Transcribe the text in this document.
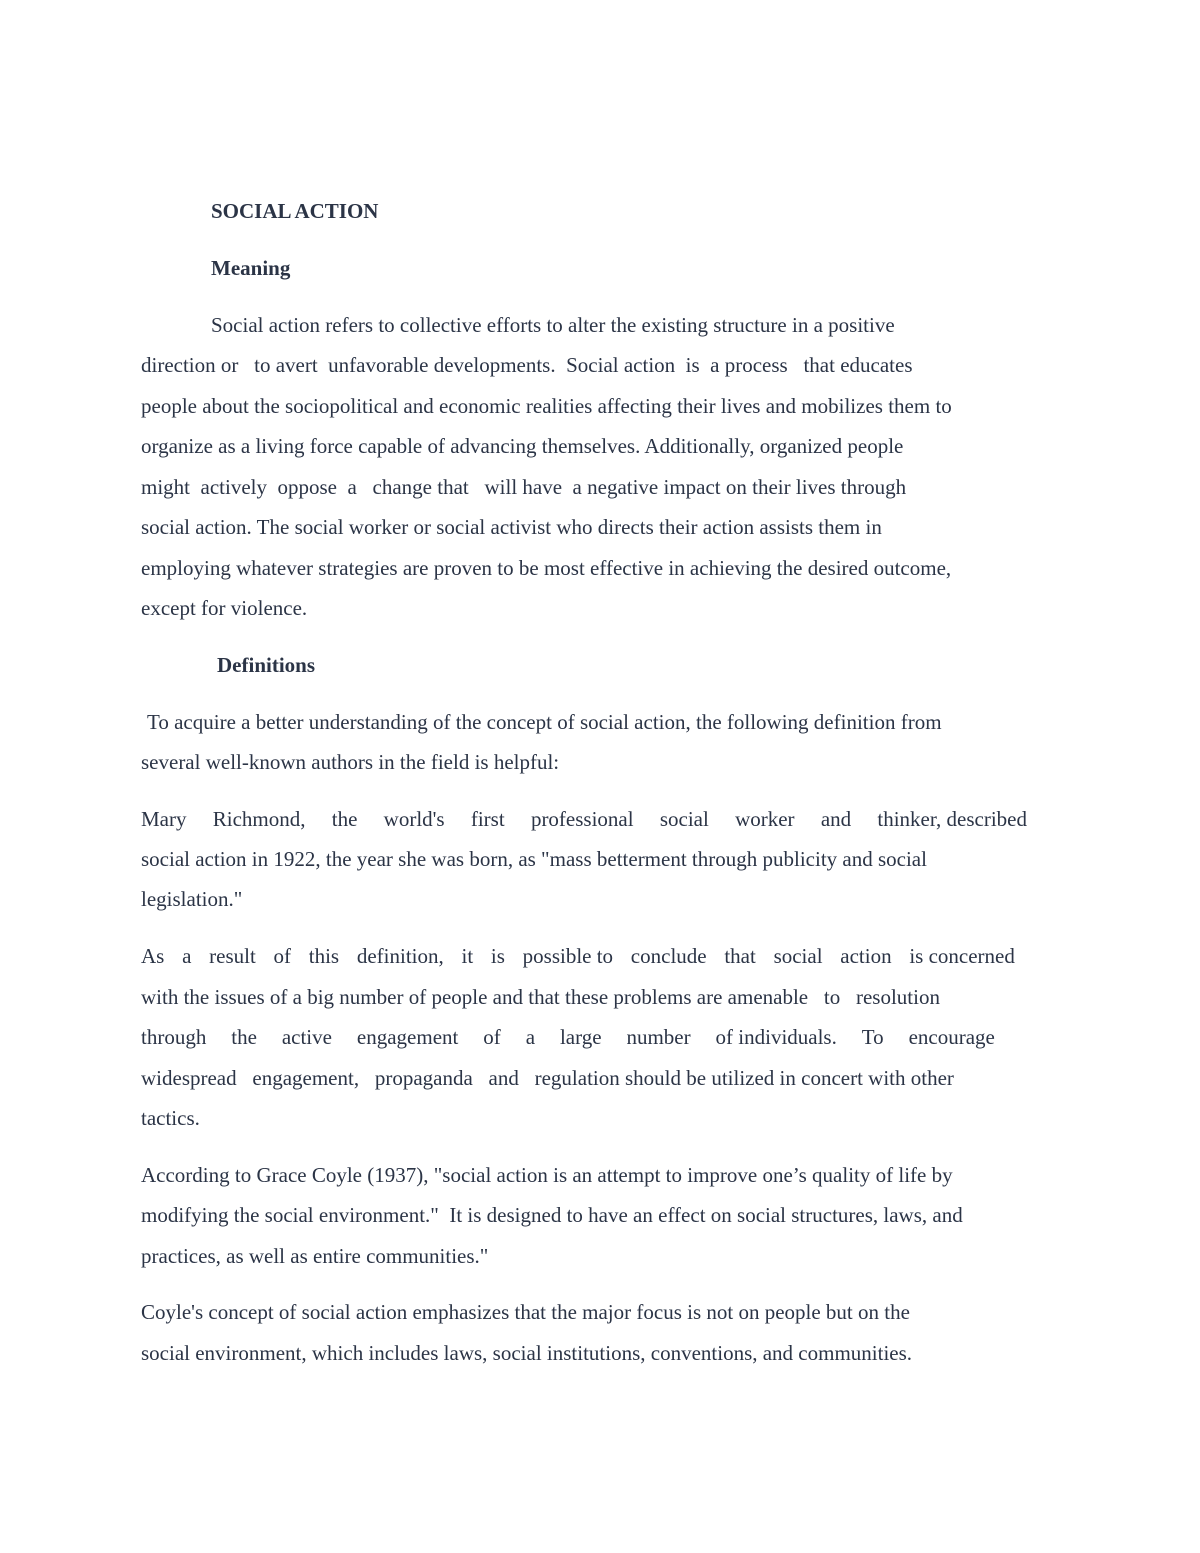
SOCIAL ACTION
Meaning
Social action refers to collective efforts to alter the existing structure in a positive
direction or   to avert  unfavorable developments.  Social action  is  a process   that educates
people about the sociopolitical and economic realities affecting their lives and mobilizes them to
organize as a living force capable of advancing themselves. Additionally, organized people
might  actively  oppose  a   change that   will have  a negative impact on their lives through
social action. The social worker or social activist who directs their action assists them in
employing whatever strategies are proven to be most effective in achieving the desired outcome,
except for violence.
Definitions
To acquire a better understanding of the concept of social action, the following definition from
several well-known authors in the field is helpful:
Mary Richmond, the world's first professional social worker and thinker, described
social action in 1922, the year she was born, as "mass betterment through publicity and social
legislation."
As a result of this definition, it is possible to conclude that social action is concerned
with the issues of a big number of people and that these problems are amenable   to   resolution
through the active engagement of a large number of individuals. To encourage
widespread   engagement,   propaganda   and   regulation should be utilized in concert with other
tactics.
According to Grace Coyle (1937), "social action is an attempt to improve one’s quality of life by
modifying the social environment."  It is designed to have an effect on social structures, laws, and
practices, as well as entire communities."
Coyle's concept of social action emphasizes that the major focus is not on people but on the
social environment, which includes laws, social institutions, conventions, and communities.
